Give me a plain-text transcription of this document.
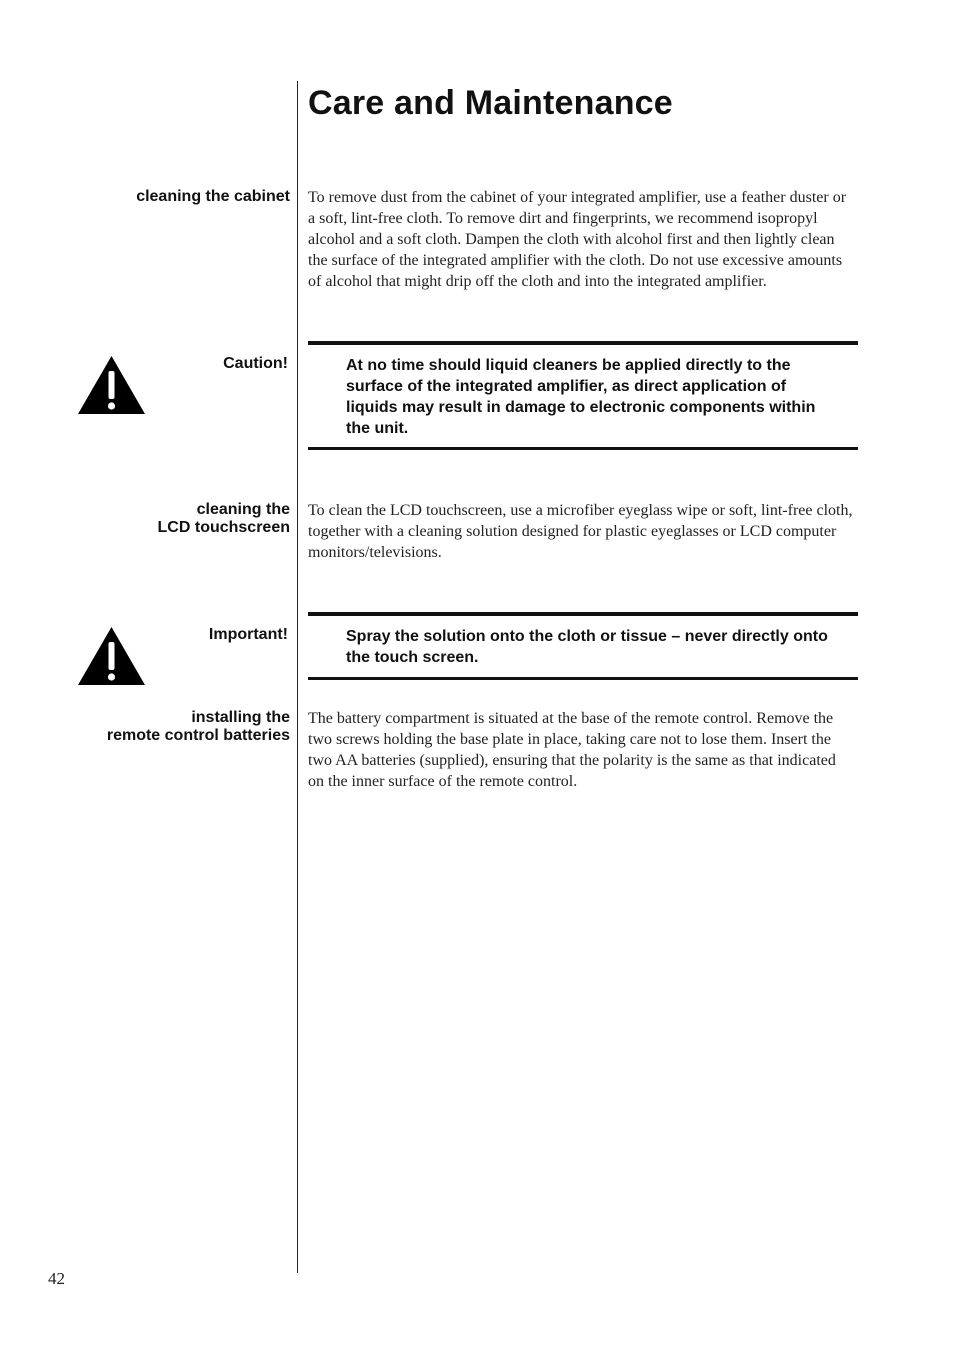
Care and Maintenance
cleaning the cabinet To remove dust from the cabinet of your integrated amplifier, use a feather duster or a soft, lint-free cloth. To remove dirt and fingerprints, we recommend isopropyl alcohol and a soft cloth. Dampen the cloth with alcohol first and then lightly clean the surface of the integrated amplifier with the cloth. Do not use excessive amounts of alcohol that might drip off the cloth and into the integrated amplifier.

Caution!	At no time should liquid cleaners be applied directly to the surface of the integrated amplifier, as direct application of liquids may result in damage to electronic components within the unit.

cleaning the
LCD touchscreen

To clean the LCD touchscreen, use a microfiber eyeglass wipe or soft, lint-free cloth, together with a cleaning solution designed for plastic eyeglasses or LCD computer monitors/televisions.

Important!	Spray the solution onto the cloth or tissue – never directly onto the touch screen.

installing the
remote control batteries

The battery compartment is situated at the base of the remote control. Remove the two screws holding the base plate in place, taking care not to lose them. Insert the two AA batteries (supplied), ensuring that the polarity is the same as that indicated on the inner surface of the remote control.

42
